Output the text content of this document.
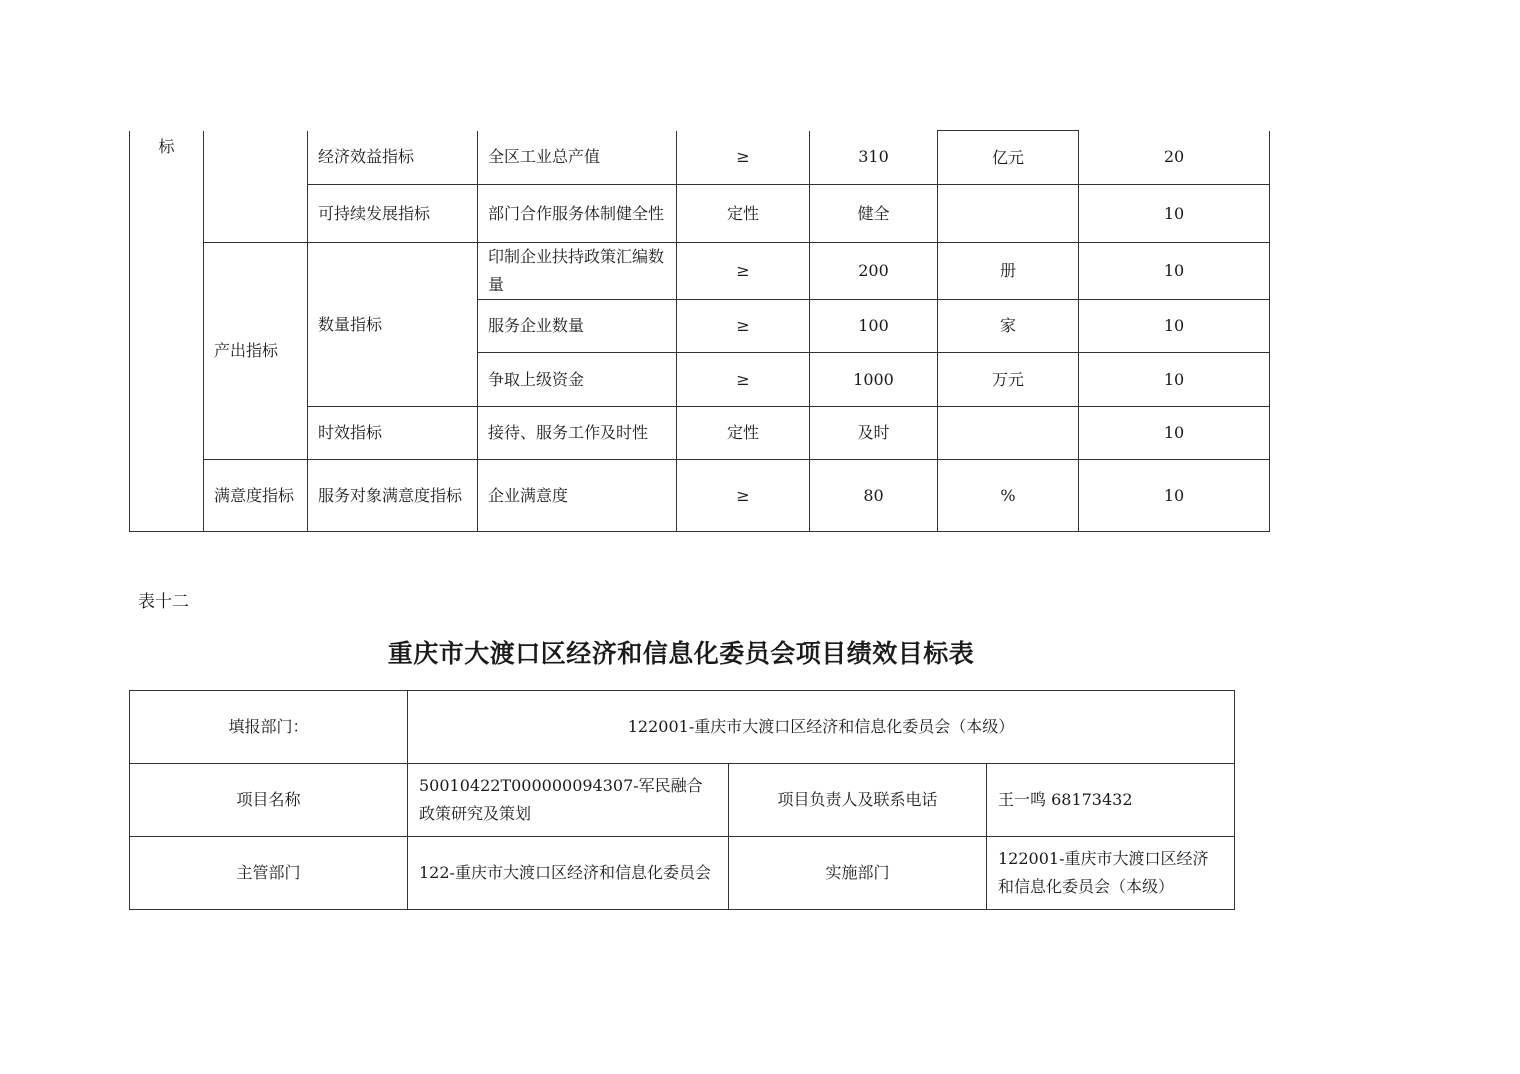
标		经济效益指标	全区工业总产值	≥	310	亿元	20
		可持续发展指标	部门合作服务体制健全性	定性	健全		10
	产出指标	数量指标	印制企业扶持政策汇编数量	≥	200	册	10
			服务企业数量	≥	100	家	10
			争取上级资金	≥	1000	万元	10
		时效指标	接待、服务工作及时性	定性	及时		10
	满意度指标	服务对象满意度指标	企业满意度	≥	80	%	10
表十二
重庆市大渡口区经济和信息化委员会项目绩效目标表
填报部门：	122001-重庆市大渡口区经济和信息化委员会（本级）		
项目名称	50010422T000000094307-军民融合政策研究及策划	项目负责人及联系电话	王一鸣 68173432
主管部门	122-重庆市大渡口区经济和信息化委员会	实施部门	122001-重庆市大渡口区经济和信息化委员会（本级）
